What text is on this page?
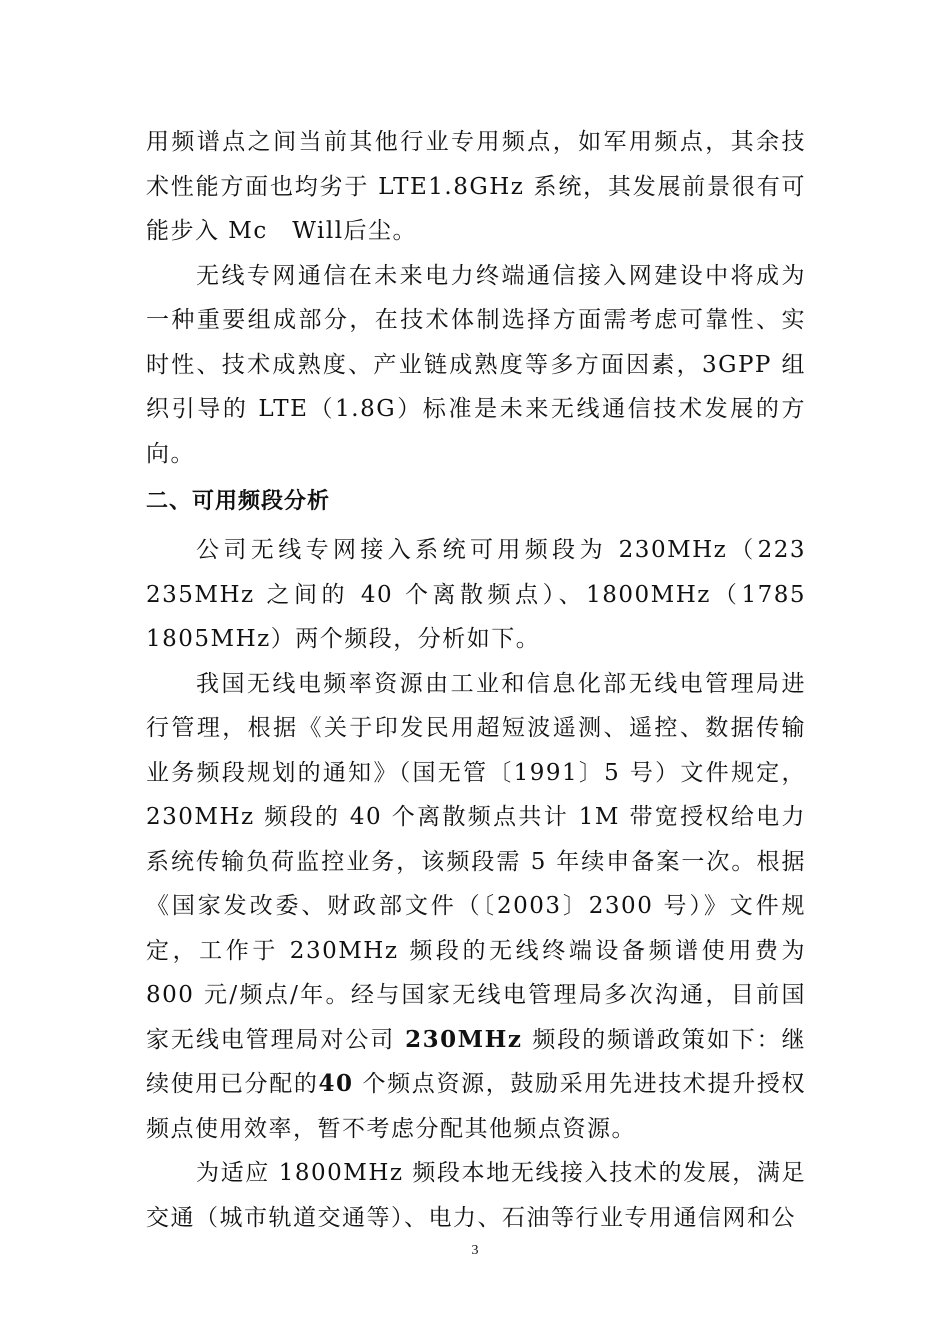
用频谱点之间当前其他行业专用频点，如军用频点，其余技术性能方面也均劣于 LTE1.8GHz 系统，其发展前景很有可能步入 Mc　Will后尘。

无线专网通信在未来电力终端通信接入网建设中将成为一种重要组成部分，在技术体制选择方面需考虑可靠性、实时性、技术成熟度、产业链成熟度等多方面因素，3GPP 组织引导的 LTE（1.8G）标准是未来无线通信技术发展的方向。

二、可用频段分析

公司无线专网接入系统可用频段为 230MHz（223　235MHz 之间的 40 个离散频点）、1800MHz（1785　1805MHz）两个频段，分析如下。

我国无线电频率资源由工业和信息化部无线电管理局进行管理，根据《关于印发民用超短波遥测、遥控、数据传输业务频段规划的通知》（国无管〔1991〕5 号）文件规定，230MHz 频段的 40 个离散频点共计 1M 带宽授权给电力系统传输负荷监控业务，该频段需 5 年续申备案一次。根据《国家发改委、财政部文件（〔2003〕2300 号）》文件规定，工作于 230MHz 频段的无线终端设备频谱使用费为 800 元/频点/年。经与国家无线电管理局多次沟通，目前国家无线电管理局对公司 230MHz 频段的频谱政策如下：继续使用已分配的40 个频点资源，鼓励采用先进技术提升授权频点使用效率，暂不考虑分配其他频点资源。

为适应 1800MHz 频段本地无线接入技术的发展，满足交通（城市轨道交通等）、电力、石油等行业专用通信网和公

3
